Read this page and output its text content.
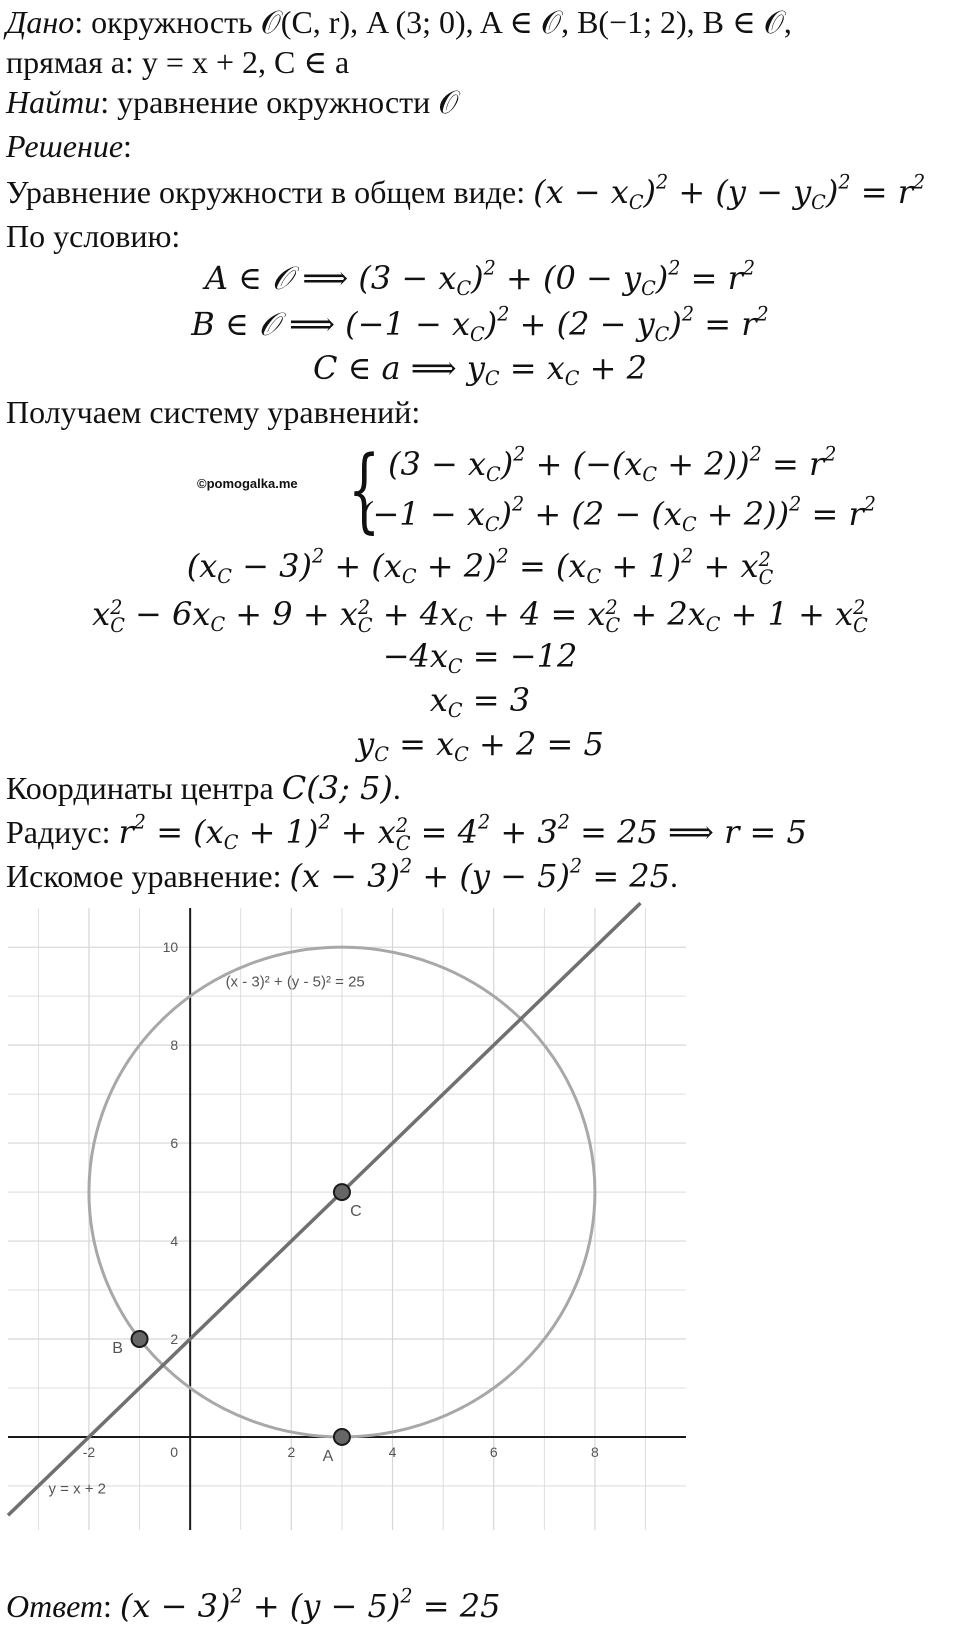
Дано: окружность 𝒪(C, r), A (3; 0), A ∈ 𝒪, B(−1; 2), B ∈ 𝒪,
прямая a: y = x + 2, C ∈ a
Найти: уравнение окружности 𝒪
Решение:
Уравнение окружности в общем виде: $(x - x_C)^2 + (y - y_C)^2 = r^2$
По условию:
A ∈ 𝒪 ⟹ $(3 - x_C)^2 + (0 - y_C)^2 = r^2$
B ∈ 𝒪 ⟹ $(-1 - x_C)^2 + (2 - y_C)^2 = r^2$
C ∈ a ⟹ $y_C = x_C + 2$
Получаем систему уравнений:
©pomogalka.me { $(3 - x_C)^2 + (-(x_C + 2))^2 = r^2$
$(-1 - x_C)^2 + (2 - (x_C + 2))^2 = r^2$
$(x_C - 3)^2 + (x_C + 2)^2 = (x_C + 1)^2 + x$ 2
C
x 2
$C - 6x_C + 9 + x$ 2
$C + 4x_C + 4 = x$ 2
$C + 2x_C + 1 + x$ 2
C
$-4x_C = -12$
$x_C = 3$
$y_C = x_C + 2 = 5$
Координаты центра C(3; 5).
Радиус: $r^2 = (x_C + 1)^2 + x$ 2
$C = 4^2 + 3^2 = 25$ ⟹ r = 5
Искомое уравнение: $(x - 3)^2 + (y - 5)^2 = 25$.
-2	0	2	4	6	8
2
4
6
8
10
(x - 3)² + (y - 5)² = 25
y = x + 2
A
B
C
Ответ: $(x - 3)^2 + (y - 5)^2 = 25$
